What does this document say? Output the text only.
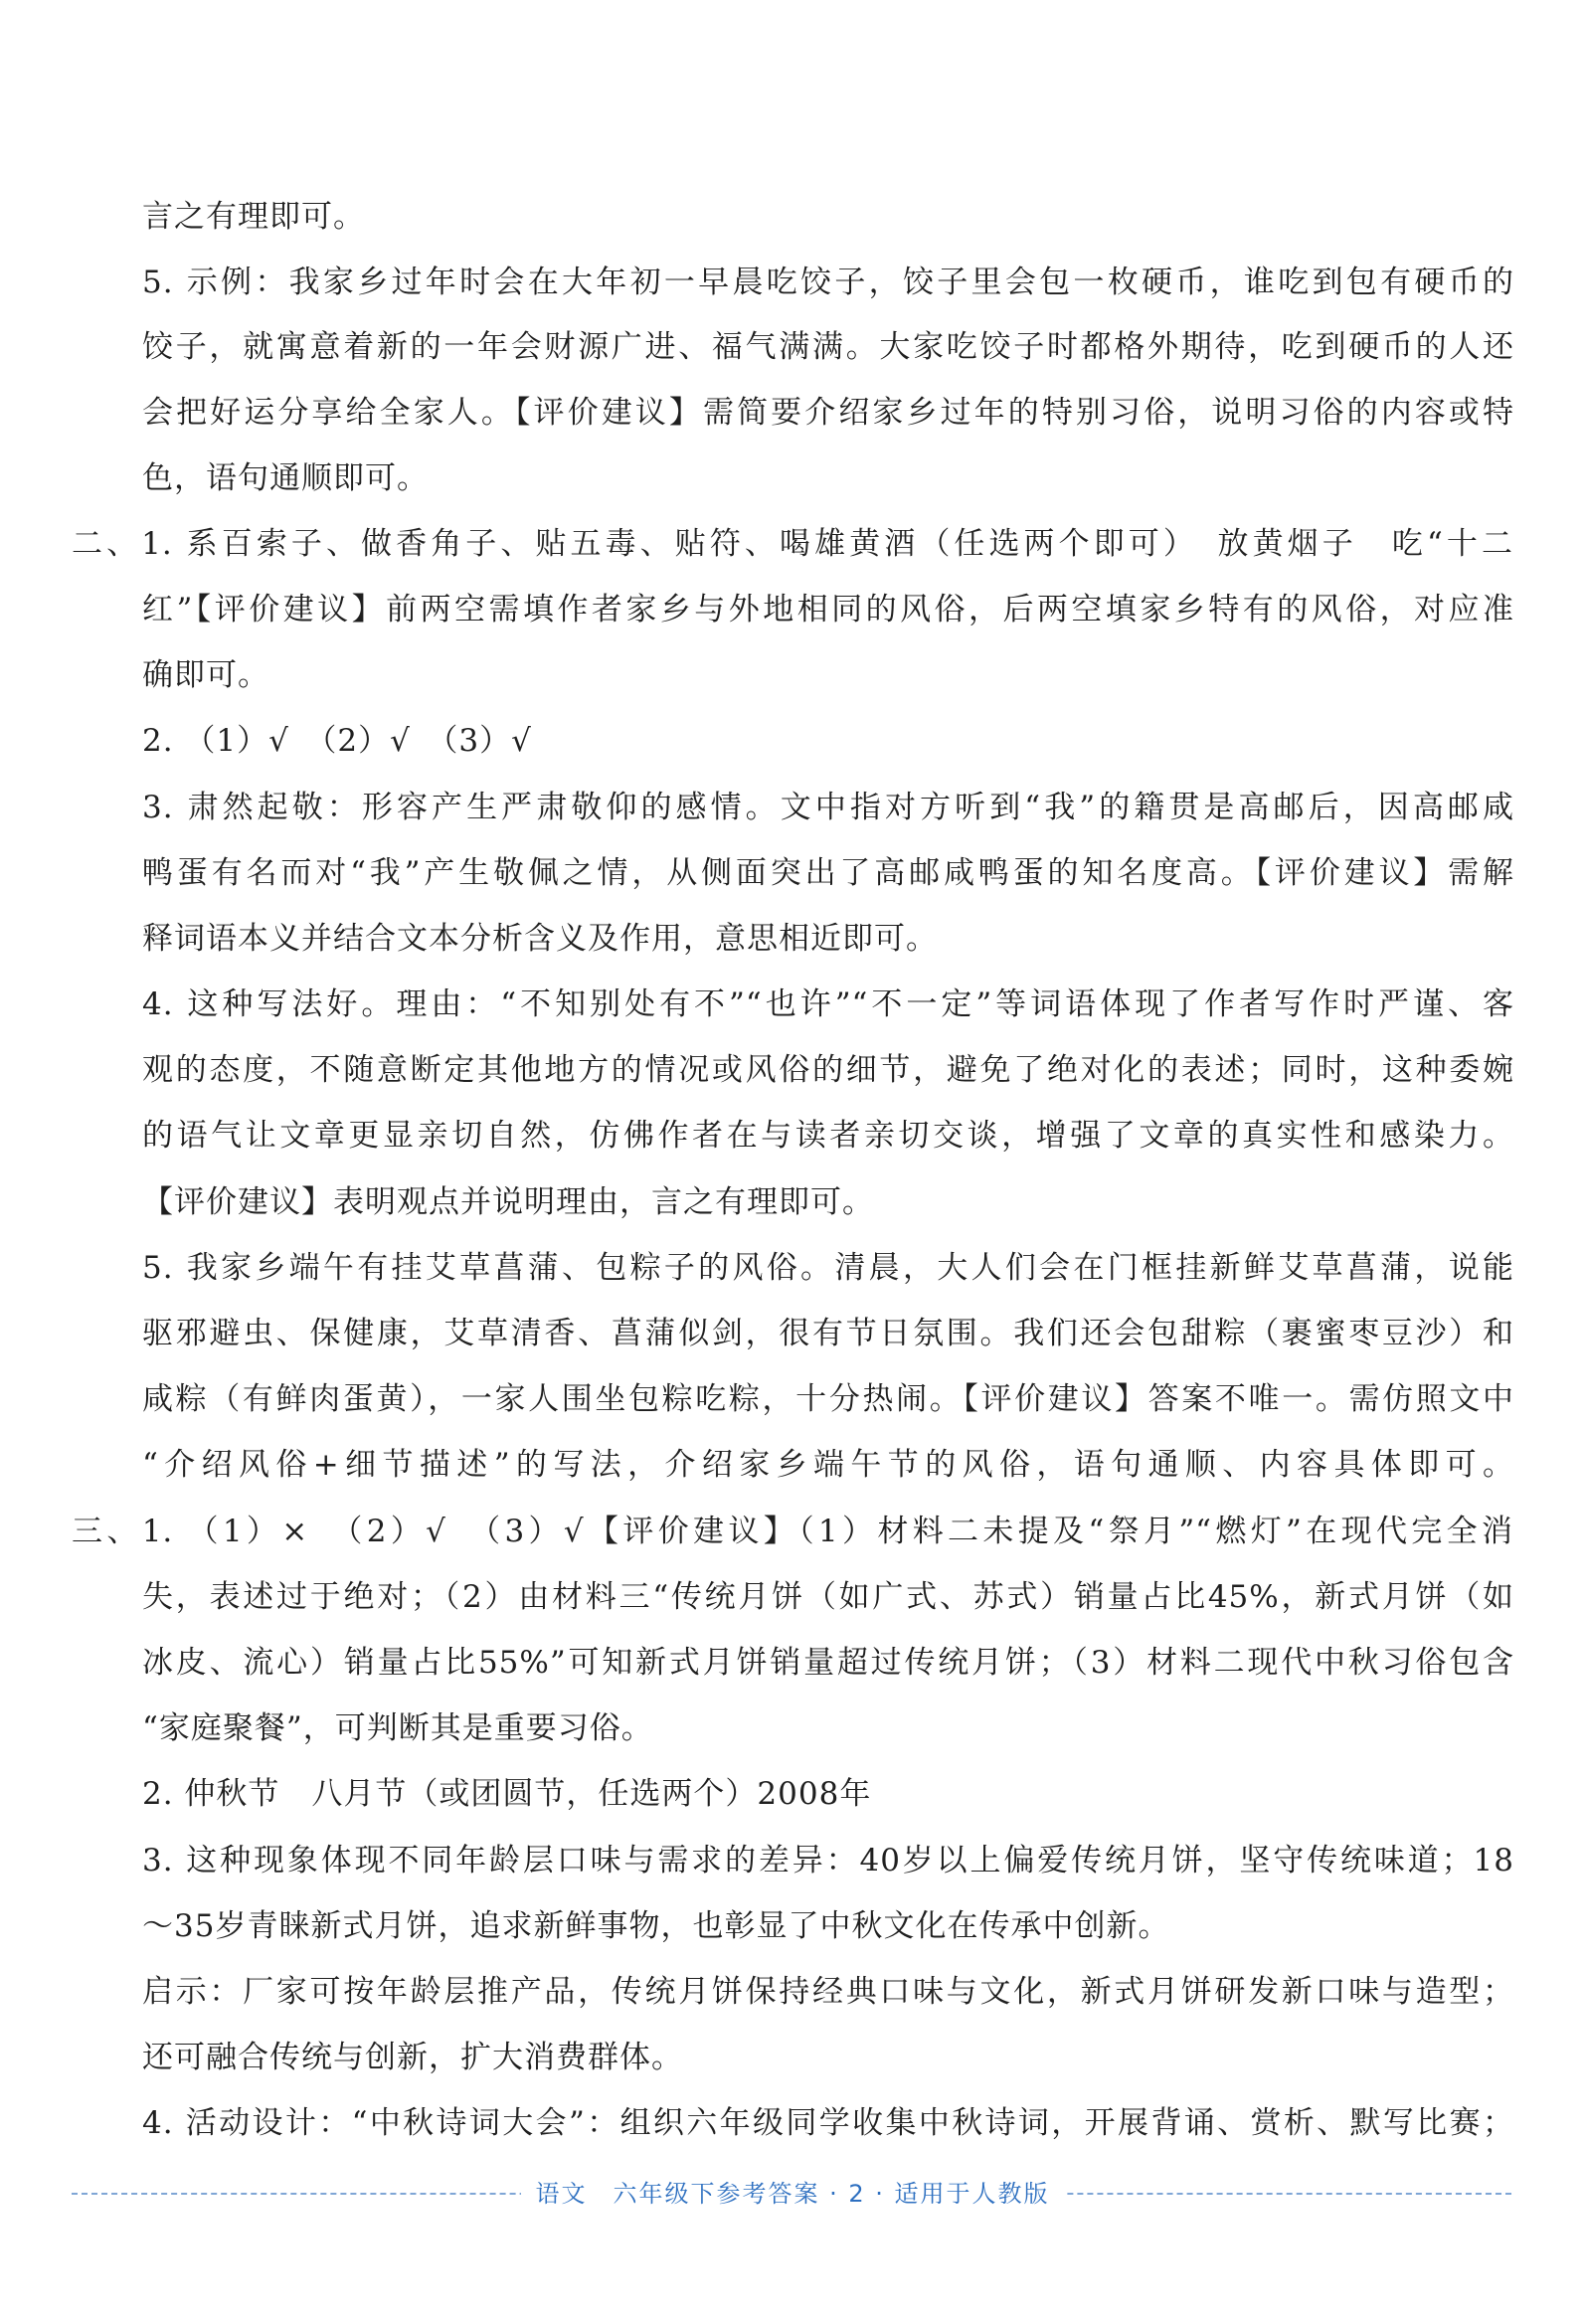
言之有理即可。
5. 示例：我家乡过年时会在大年初一早晨吃饺子，饺子里会包一枚硬币，谁吃到包有硬币的
饺子，就寓意着新的一年会财源广进、福气满满。大家吃饺子时都格外期待，吃到硬币的人还
会把好运分享给全家人。【评价建议】需简要介绍家乡过年的特别习俗，说明习俗的内容或特
色，语句通顺即可。
二、1. 系百索子、做香角子、贴五毒、贴符、喝雄黄酒（任选两个即可）　放黄烟子　吃“十二
红”【评价建议】前两空需填作者家乡与外地相同的风俗，后两空填家乡特有的风俗，对应准
确即可。
2. （1）√　（2）√　（3）√
3. 肃然起敬：形容产生严肃敬仰的感情。文中指对方听到“我”的籍贯是高邮后，因高邮咸
鸭蛋有名而对“我”产生敬佩之情，从侧面突出了高邮咸鸭蛋的知名度高。【评价建议】需解
释词语本义并结合文本分析含义及作用，意思相近即可。
4. 这种写法好。理由：“不知别处有不”“也许”“不一定”等词语体现了作者写作时严谨、客
观的态度，不随意断定其他地方的情况或风俗的细节，避免了绝对化的表述；同时，这种委婉
的语气让文章更显亲切自然，仿佛作者在与读者亲切交谈，增强了文章的真实性和感染力。
【评价建议】表明观点并说明理由，言之有理即可。
5. 我家乡端午有挂艾草菖蒲、包粽子的风俗。清晨，大人们会在门框挂新鲜艾草菖蒲，说能
驱邪避虫、保健康，艾草清香、菖蒲似剑，很有节日氛围。我们还会包甜粽（裹蜜枣豆沙）和
咸粽（有鲜肉蛋黄），一家人围坐包粽吃粽，十分热闹。【评价建议】答案不唯一。需仿照文中
“介绍风俗+细节描述”的写法，介绍家乡端午节的风俗，语句通顺、内容具体即可。
三、1. （1）×　（2）√　（3）√【评价建议】（1）材料二未提及“祭月”“燃灯”在现代完全消
失，表述过于绝对；（2）由材料三“传统月饼（如广式、苏式）销量占比45%，新式月饼（如
冰皮、流心）销量占比55%”可知新式月饼销量超过传统月饼；（3）材料二现代中秋习俗包含
“家庭聚餐”，可判断其是重要习俗。
2. 仲秋节　八月节（或团圆节，任选两个）2008年
3. 这种现象体现不同年龄层口味与需求的差异：40岁以上偏爱传统月饼，坚守传统味道；18
～35岁青睐新式月饼，追求新鲜事物，也彰显了中秋文化在传承中创新。
启示：厂家可按年龄层推产品，传统月饼保持经典口味与文化，新式月饼研发新口味与造型；
还可融合传统与创新，扩大消费群体。
4. 活动设计：“中秋诗词大会”：组织六年级同学收集中秋诗词，开展背诵、赏析、默写比赛；
语文　六年级下参考答案 · 2 · 适用于人教版
